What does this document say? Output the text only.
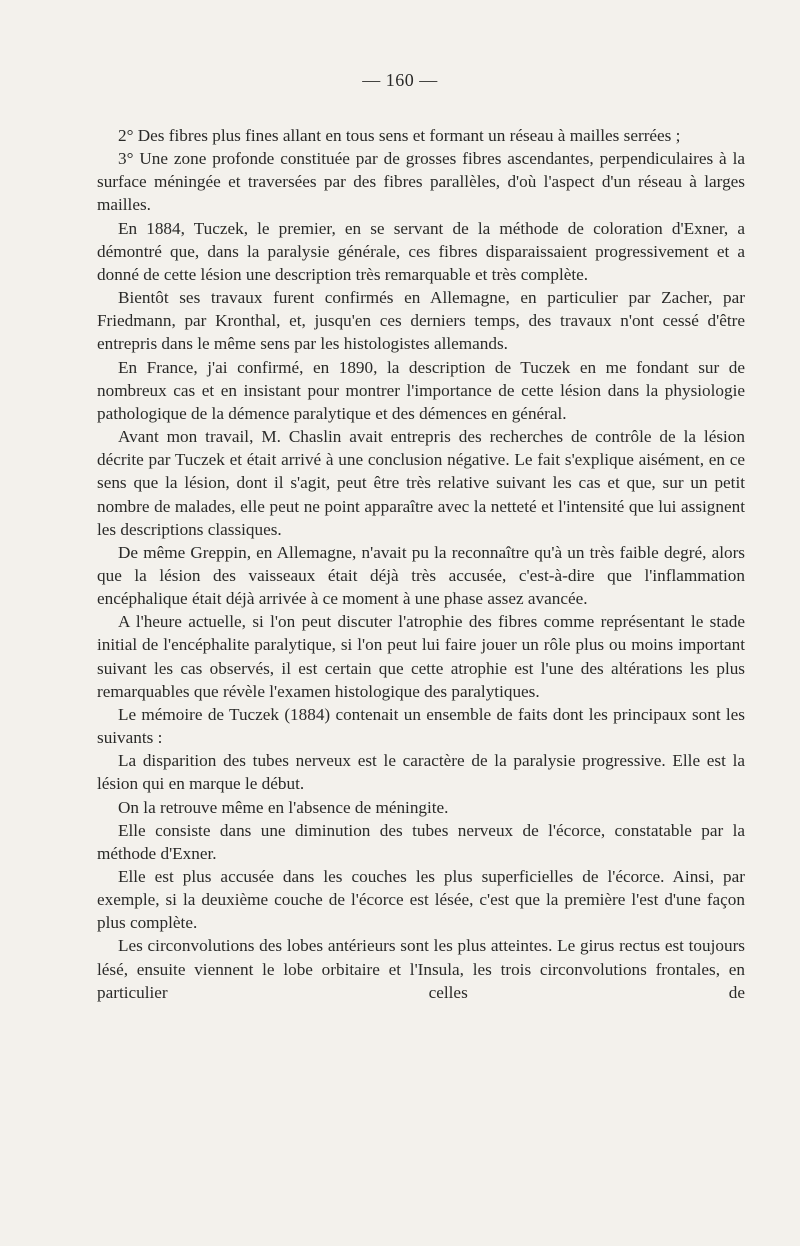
— 160 —

2° Des fibres plus fines allant en tous sens et formant un réseau à mailles serrées ;

3° Une zone profonde constituée par de grosses fibres ascendantes, perpendiculaires à la surface méningée et traversées par des fibres parallèles, d'où l'aspect d'un réseau à larges mailles.

En 1884, Tuczek, le premier, en se servant de la méthode de coloration d'Exner, a démontré que, dans la paralysie générale, ces fibres disparaissaient progressivement et a donné de cette lésion une description très remarquable et très complète.

Bientôt ses travaux furent confirmés en Allemagne, en particulier par Zacher, par Friedmann, par Kronthal, et, jusqu'en ces derniers temps, des travaux n'ont cessé d'être entrepris dans le même sens par les histologistes allemands.

En France, j'ai confirmé, en 1890, la description de Tuczek en me fondant sur de nombreux cas et en insistant pour montrer l'importance de cette lésion dans la physiologie pathologique de la démence paralytique et des démences en général.

Avant mon travail, M. Chaslin avait entrepris des recherches de contrôle de la lésion décrite par Tuczek et était arrivé à une conclusion négative. Le fait s'explique aisément, en ce sens que la lésion, dont il s'agit, peut être très relative suivant les cas et que, sur un petit nombre de malades, elle peut ne point apparaître avec la netteté et l'intensité que lui assignent les descriptions classiques.

De même Greppin, en Allemagne, n'avait pu la reconnaître qu'à un très faible degré, alors que la lésion des vaisseaux était déjà très accusée, c'est-à-dire que l'inflammation encéphalique était déjà arrivée à ce moment à une phase assez avancée.

A l'heure actuelle, si l'on peut discuter l'atrophie des fibres comme représentant le stade initial de l'encéphalite paralytique, si l'on peut lui faire jouer un rôle plus ou moins important suivant les cas observés, il est certain que cette atrophie est l'une des altérations les plus remarquables que révèle l'examen histologique des paralytiques.

Le mémoire de Tuczek (1884) contenait un ensemble de faits dont les principaux sont les suivants :

La disparition des tubes nerveux est le caractère de la paralysie progressive. Elle est la lésion qui en marque le début.

On la retrouve même en l'absence de méningite.

Elle consiste dans une diminution des tubes nerveux de l'écorce, constatable par la méthode d'Exner.

Elle est plus accusée dans les couches les plus superficielles de l'écorce. Ainsi, par exemple, si la deuxième couche de l'écorce est lésée, c'est que la première l'est d'une façon plus complète.

Les circonvolutions des lobes antérieurs sont les plus atteintes. Le girus rectus est toujours lésé, ensuite viennent le lobe orbitaire et l'Insula, les trois circonvolutions frontales, en particulier celles de
